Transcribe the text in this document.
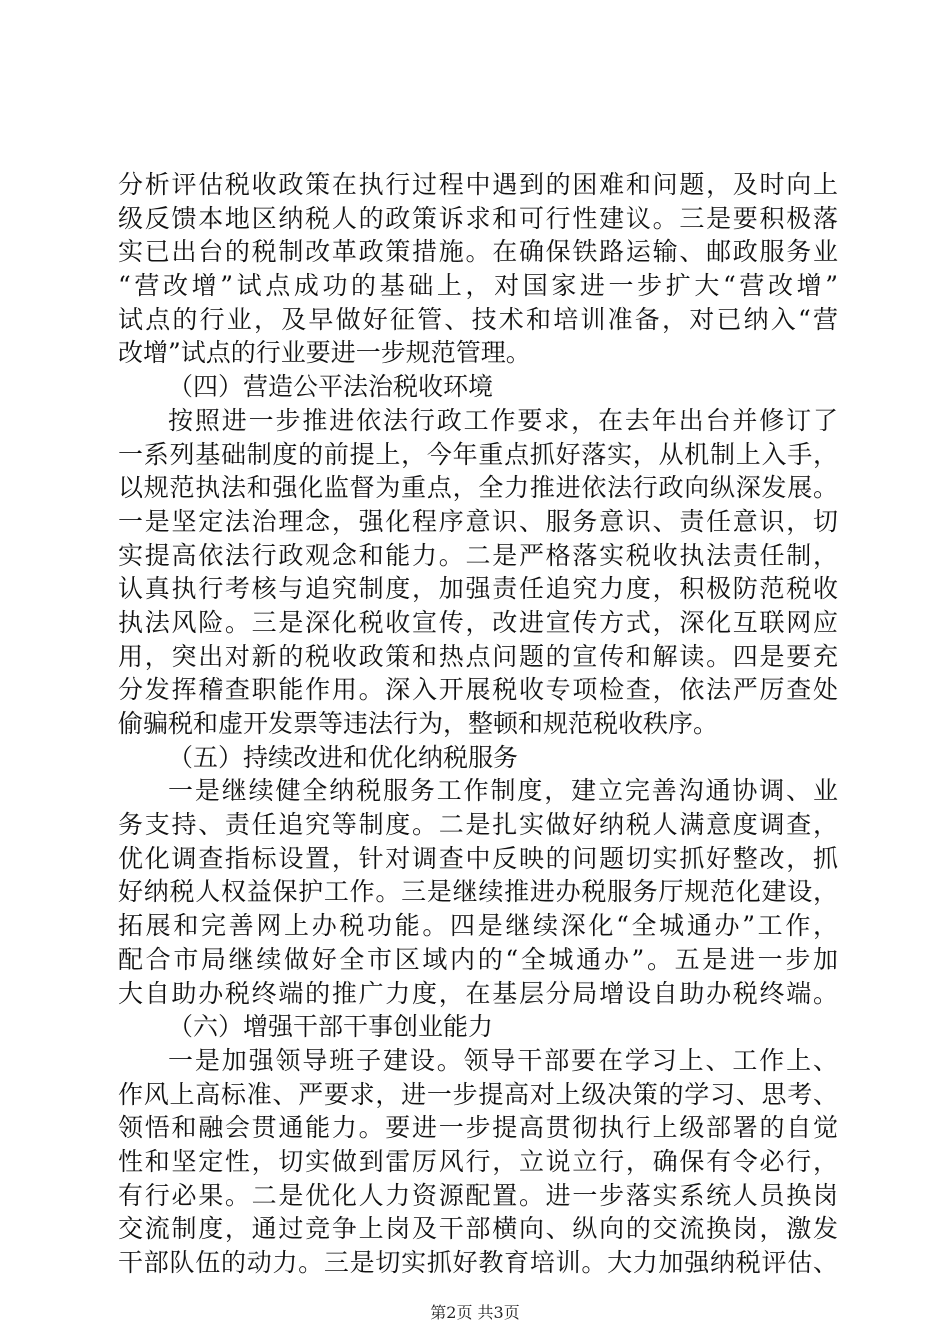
分析评估税收政策在执行过程中遇到的困难和问题，及时向上
级反馈本地区纳税人的政策诉求和可行性建议。三是要积极落
实已出台的税制改革政策措施。在确保铁路运输、邮政服务业
“营改增”试点成功的基础上，对国家进一步扩大“营改增”
试点的行业，及早做好征管、技术和培训准备，对已纳入“营
改增”试点的行业要进一步规范管理。
（四）营造公平法治税收环境
按照进一步推进依法行政工作要求，在去年出台并修订了
一系列基础制度的前提上，今年重点抓好落实，从机制上入手，
以规范执法和强化监督为重点，全力推进依法行政向纵深发展。
一是坚定法治理念，强化程序意识、服务意识、责任意识，切
实提高依法行政观念和能力。二是严格落实税收执法责任制，
认真执行考核与追究制度，加强责任追究力度，积极防范税收
执法风险。三是深化税收宣传，改进宣传方式，深化互联网应
用，突出对新的税收政策和热点问题的宣传和解读。四是要充
分发挥稽查职能作用。深入开展税收专项检查，依法严厉查处
偷骗税和虚开发票等违法行为，整顿和规范税收秩序。
（五）持续改进和优化纳税服务
一是继续健全纳税服务工作制度，建立完善沟通协调、业
务支持、责任追究等制度。二是扎实做好纳税人满意度调查，
优化调查指标设置，针对调查中反映的问题切实抓好整改，抓
好纳税人权益保护工作。三是继续推进办税服务厅规范化建设，
拓展和完善网上办税功能。四是继续深化“全城通办”工作，
配合市局继续做好全市区域内的“全城通办”。五是进一步加
大自助办税终端的推广力度，在基层分局增设自助办税终端。
（六）增强干部干事创业能力
一是加强领导班子建设。领导干部要在学习上、工作上、
作风上高标准、严要求，进一步提高对上级决策的学习、思考、
领悟和融会贯通能力。要进一步提高贯彻执行上级部署的自觉
性和坚定性，切实做到雷厉风行，立说立行，确保有令必行，
有行必果。二是优化人力资源配置。进一步落实系统人员换岗
交流制度，通过竞争上岗及干部横向、纵向的交流换岗，激发
干部队伍的动力。三是切实抓好教育培训。大力加强纳税评估、
第2页 共3页
